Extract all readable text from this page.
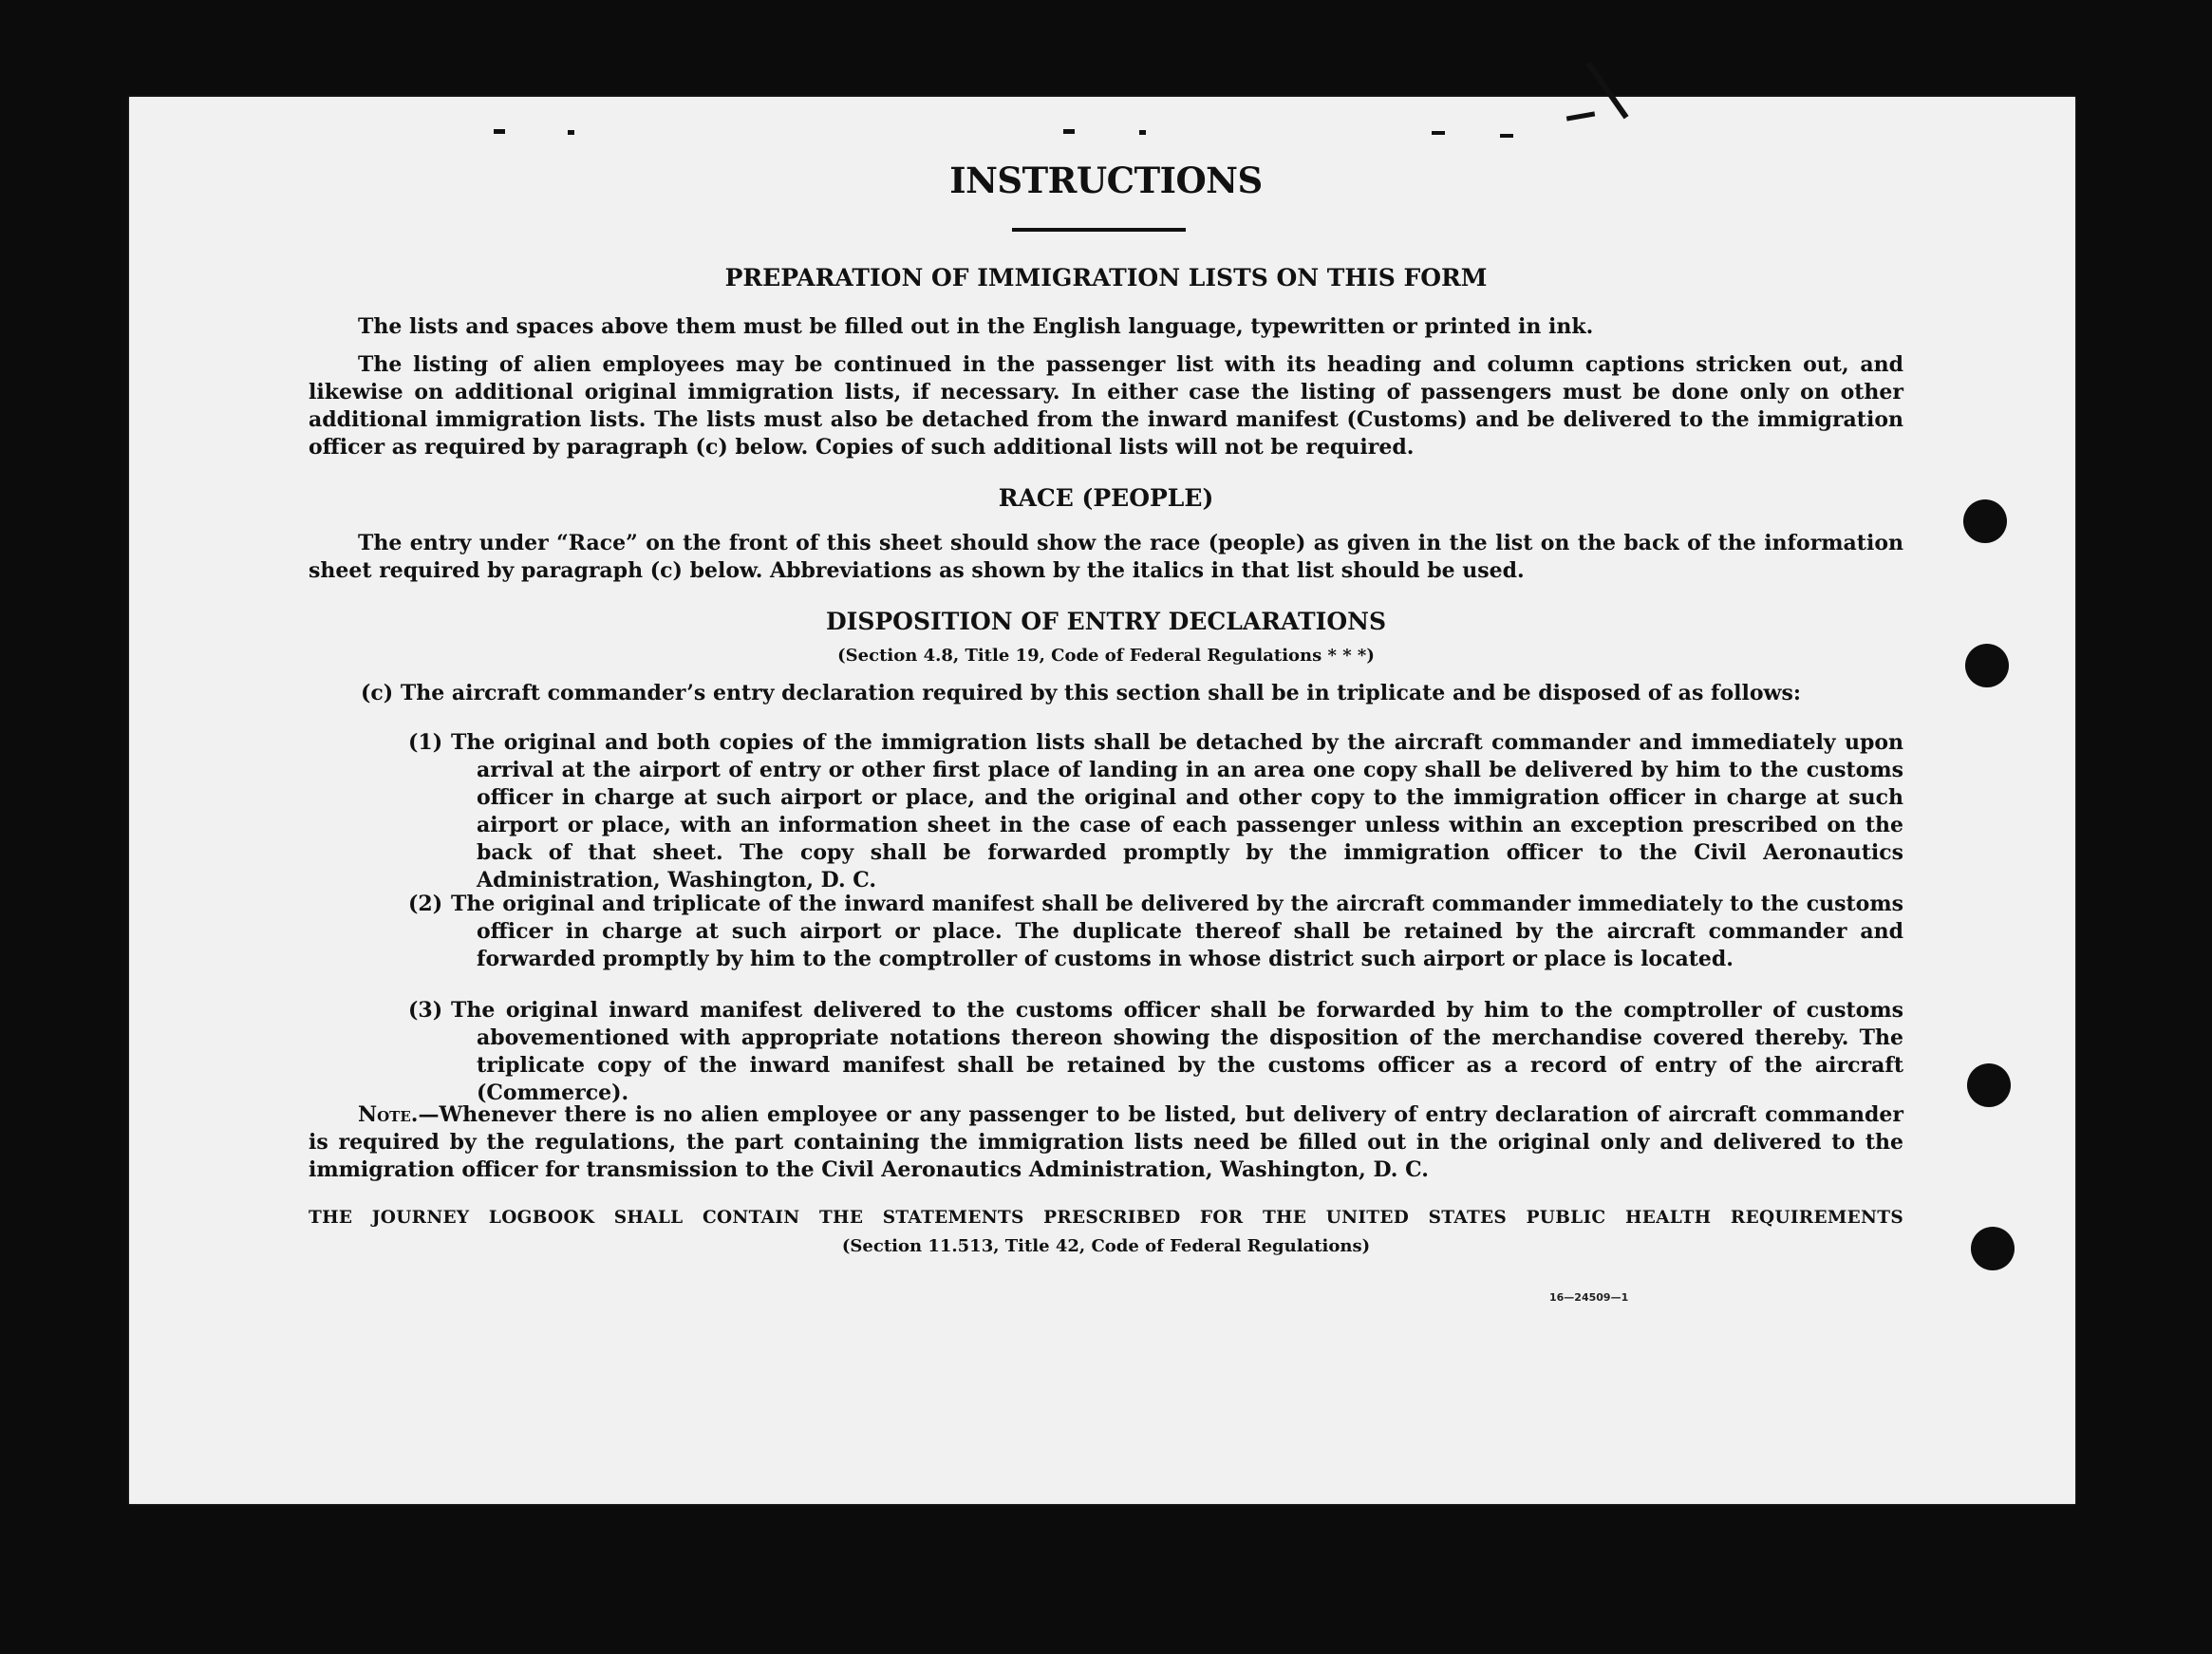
INSTRUCTIONS
PREPARATION OF IMMIGRATION LISTS ON THIS FORM
The lists and spaces above them must be filled out in the English language, typewritten or printed in ink.
The listing of alien employees may be continued in the passenger list with its heading and column captions stricken out, and likewise on additional original immigration lists, if necessary. In either case the listing of passengers must be done only on other additional immigration lists. The lists must also be detached from the inward manifest (Customs) and be delivered to the immigration officer as required by paragraph (c) below. Copies of such additional lists will not be required.
RACE (PEOPLE)
The entry under “Race” on the front of this sheet should show the race (people) as given in the list on the back of the information sheet required by paragraph (c) below. Abbreviations as shown by the italics in that list should be used.
DISPOSITION OF ENTRY DECLARATIONS
(Section 4.8, Title 19, Code of Federal Regulations * * *)
(c) The aircraft commander’s entry declaration required by this section shall be in triplicate and be disposed of as follows:
(1) The original and both copies of the immigration lists shall be detached by the aircraft commander and immediately upon arrival at the airport of entry or other first place of landing in an area one copy shall be delivered by him to the customs officer in charge at such airport or place, and the original and other copy to the immigration officer in charge at such airport or place, with an information sheet in the case of each passenger unless within an exception prescribed on the back of that sheet. The copy shall be forwarded promptly by the immigration officer to the Civil Aeronautics Administration, Washington, D. C.
(2) The original and triplicate of the inward manifest shall be delivered by the aircraft commander immediately to the customs officer in charge at such airport or place. The duplicate thereof shall be retained by the aircraft commander and forwarded promptly by him to the comptroller of customs in whose district such airport or place is located.
(3) The original inward manifest delivered to the customs officer shall be forwarded by him to the comptroller of customs abovementioned with appropriate notations thereon showing the disposition of the merchandise covered thereby. The triplicate copy of the inward manifest shall be retained by the customs officer as a record of entry of the aircraft (Commerce).
Note.—Whenever there is no alien employee or any passenger to be listed, but delivery of entry declaration of aircraft commander is required by the regulations, the part containing the immigration lists need be filled out in the original only and delivered to the immigration officer for transmission to the Civil Aeronautics Administration, Washington, D. C.
THE JOURNEY LOGBOOK SHALL CONTAIN THE STATEMENTS PRESCRIBED FOR THE UNITED STATES PUBLIC HEALTH REQUIREMENTS
(Section 11.513, Title 42, Code of Federal Regulations)
16—24509—1
